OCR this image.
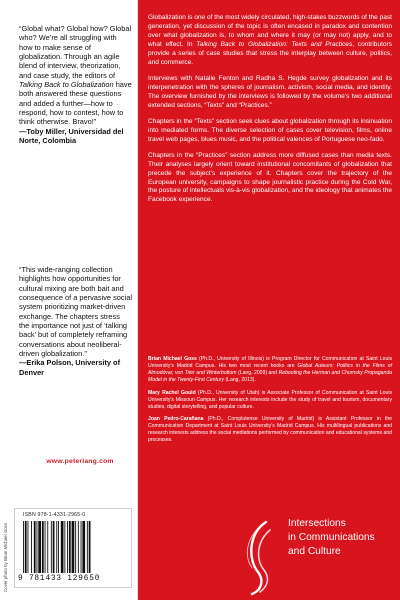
“Global what? Global how? Global who? We’re all struggling with how to make sense of globalization. Through an agile blend of interview, theorization, and case study, the editors of Talking Back to Globalization have both answered these questions and added a further—how to respond, how to contest, how to think otherwise. Bravo!”
—Toby Miller, Universidad del Norte, Colombia
“This wide-ranging collection highlights how opportunities for cultural mixing are both bait and consequence of a pervasive social system prioritizing market-driven exchange. The chapters stress the importance not just of ‘talking back’ but of completely reframing conversations about neoliberal-driven globalization.”
—Erika Polson, University of Denver
www.peterlang.com
ISBN 978-1-4331-2965-0
9 781433 129650
Cover photo by Brian Michael Goss

Globalization is one of the most widely circulated, high-stakes buzzwords of the past generation, yet discussion of the topic is often encased in paradox and contention over what globalization is, to whom and where it may (or may not) apply, and to what effect. In Talking Back to Globalization: Texts and Practices, contributors provide a series of case studies that stress the interplay between culture, politics, and commerce.

Interviews with Natalie Fenton and Radha S. Hegde survey globalization and its interpenetration with the spheres of journalism, activism, social media, and identity. The overview furnished by the interviews is followed by the volume’s two additional extended sections, “Texts” and “Practices.”

Chapters in the “Texts” section seek clues about globalization through its insinuation into mediated forms. The diverse selection of cases cover television, films, online travel web pages, blues music, and the political valences of Portuguese neo-fado.

Chapters in the “Practices” section address more diffused cases than media texts. Their analyses largely orient toward institutional concomitants of globalization that precede the subject’s experience of it. Chapters cover the trajectory of the European university, campaigns to shape journalistic practice during the Cold War, the posture of intellectuals vis-à-vis globalization, and the ideology that animates the Facebook experience.

Brian Michael Goss (Ph.D., University of Illinois) is Program Director for Communication at Saint Louis University’s Madrid Campus. His two most recent books are Global Auteurs: Politics in the Films of Almodóvar, von Trier and Winterbottom (Lang, 2009) and Rebooting the Herman and Chomsky Propaganda Model in the Twenty-First Century (Lang, 2013).

Mary Rachel Gould (Ph.D., University of Utah) is Associate Professor of Communication at Saint Louis University’s Missouri Campus. Her research interests include the study of travel and tourism, documentary studies, digital storytelling, and popular culture.

Joan Pedro-Carañana (Ph.D., Complutense University of Madrid) is Assistant Professor in the Communication Department at Saint Louis University’s Madrid Campus. His multilingual publications and research interests address the social mediations performed by communication and educational systems and processes.

Intersections
in Communications
and Culture
